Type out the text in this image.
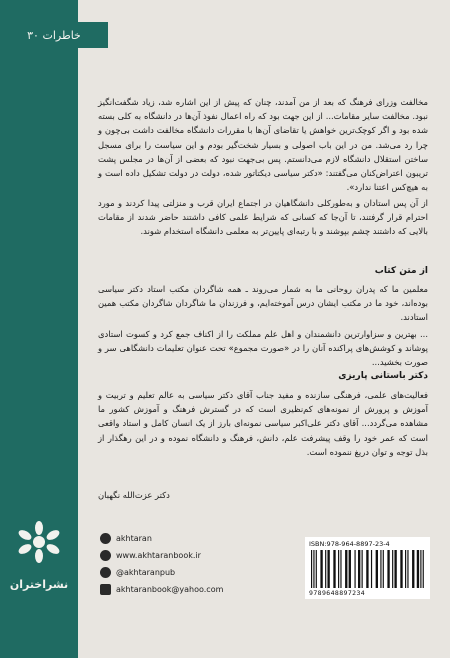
نشراختران
خاطرات ۳۰
مخالفت وزرای فرهنگ که بعد از من آمدند، چنان که پیش از این اشاره شد، زیاد شگفت‌انگیز نبود. مخالفت سایر مقامات... از این جهت بود که راه اعمال نفوذ آن‌ها در دانشگاه به کلی بسته شده بود و اگر کوچک‌ترین خواهش یا تقاضای آن‌ها با مقررات دانشگاه مخالفت داشت بی‌چون و چرا رد می‌شد. من در این باب اصولی و بسیار شخت‌گیر بودم و این سیاست را برای مسجل ساختن استقلال دانشگاه لازم می‌دانستم. پس بی‌جهت نبود که بعضی از آن‌ها در مجلس پشت تریبون اعتراض‌کنان می‌گفتند: «دکتر سیاسی دیکتاتور شده، دولت در دولت تشکیل داده است و به هیچ‌کس اعتنا ندارد».
از آن پس استادان و به‌طورکلی دانشگاهیان در اجتماع ایران قرب و منزلتی پیدا کردند و مورد احترام قرار گرفتند، تا آن‌جا که کسانی که شرایط علمی کافی داشتند حاضر شدند از مقامات بالایی که داشتند چشم بپوشند و با رتبه‌ای پایین‌تر به معلمی دانشگاه استخدام شوند.
از متن کتاب
معلمین ما که پدران روحانی ما به شمار می‌روند ـ همه شاگردان مکتب استاد دکتر سیاسی بوده‌اند، خود ما در مکتب ایشان درس آموخته‌ایم، و فرزندان ما شاگردان شاگردان مکتب همین استادند.
... بهترین و سزاوارترین دانشمندان و اهل علم مملکت را از اکناف جمع کرد و کسوت استادی پوشاند و کوشش‌های پراکنده آنان را در «صورت مجموع» تحت عنوان تعلیمات دانشگاهی سر و صورت بخشید...
دکتر باستانی پاریزی
فعالیت‌های علمی، فرهنگی سازنده و مفید جناب آقای دکتر سیاسی به عالم تعلیم و تربیت و آموزش و پرورش از نمونه‌های کم‌نظیری است که در گسترش فرهنگ و آموزش کشور ما مشاهده می‌گردد... آقای دکتر علی‌اکبر سیاسی نمونه‌ای بارز از یک انسان کامل و استاد واقعی است که عمر خود را وقف پیشرفت علم، دانش، فرهنگ و دانشگاه نموده و در این رهگذار از بذل توجه و توان دریغ ننموده است.
دکتر عزت‌الله نگهبان
akhtaran
www.akhtaranbook.ir
@akhtaranpub
akhtaranbook@yahoo.com
ISBN:978-964-8897-23-4
9789648897234
